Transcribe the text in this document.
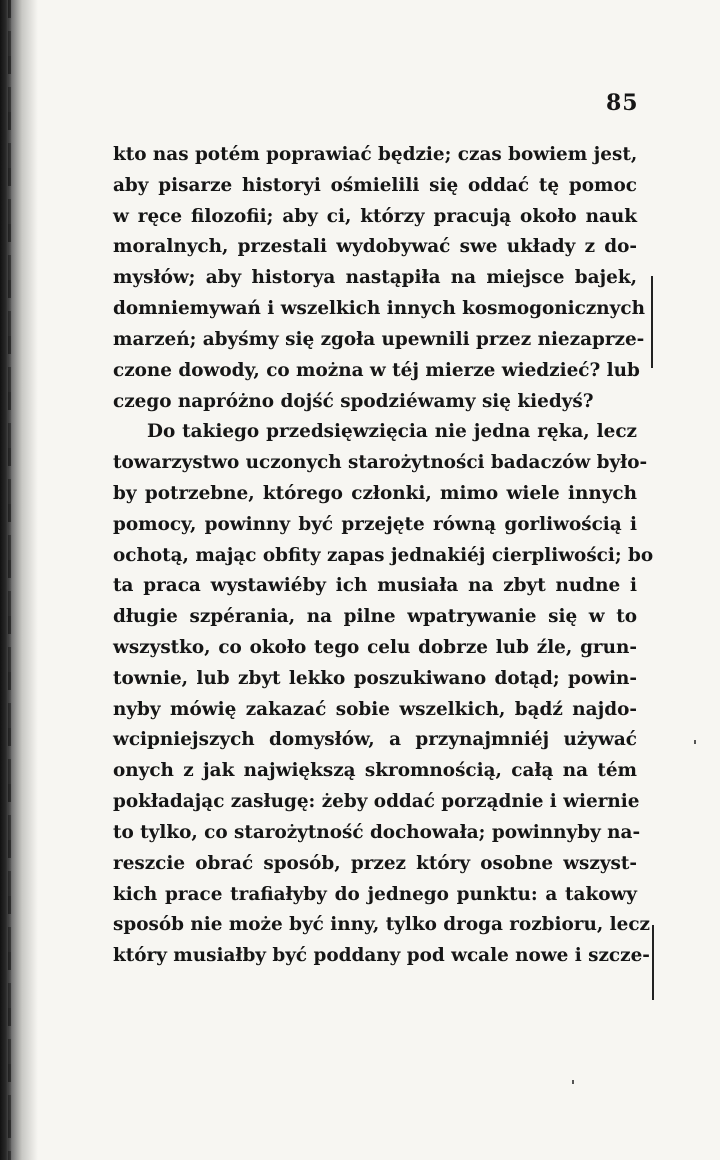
85
kto nas potém poprawiać będzie; czas bowiem jest,
aby pisarze historyi ośmielili się oddać tę pomoc
w ręce filozofii; aby ci, którzy pracują około nauk
moralnych, przestali wydobywać swe układy z do-
mysłów; aby historya nastąpiła na miejsce bajek,
domniemywań i wszelkich innych kosmogonicznych
marzeń; abyśmy się zgoła upewnili przez niezaprze-
czone dowody, co można w téj mierze wiedzieć? lub
czego napróżno dojść spodziéwamy się kiedyś?
Do takiego przedsięwzięcia nie jedna ręka, lecz
towarzystwo uczonych starożytności badaczów było-
by potrzebne, którego członki, mimo wiele innych
pomocy, powinny być przejęte równą gorliwością i
ochotą, mając obfity zapas jednakiéj cierpliwości; bo
ta praca wystawiéby ich musiała na zbyt nudne i
długie szpérania, na pilne wpatrywanie się w to
wszystko, co około tego celu dobrze lub źle, grun-
townie, lub zbyt lekko poszukiwano dotąd; powin-
nyby mówię zakazać sobie wszelkich, bądź najdo-
wcipniejszych domysłów, a przynajmniéj używać
onych z jak największą skromnością, całą na tém
pokładając zasługę: żeby oddać porządnie i wiernie
to tylko, co starożytność dochowała; powinnyby na-
reszcie obrać sposób, przez który osobne wszyst-
kich prace trafiałyby do jednego punktu: a takowy
sposób nie może być inny, tylko droga rozbioru, lecz
który musiałby być poddany pod wcale nowe i szcze-
